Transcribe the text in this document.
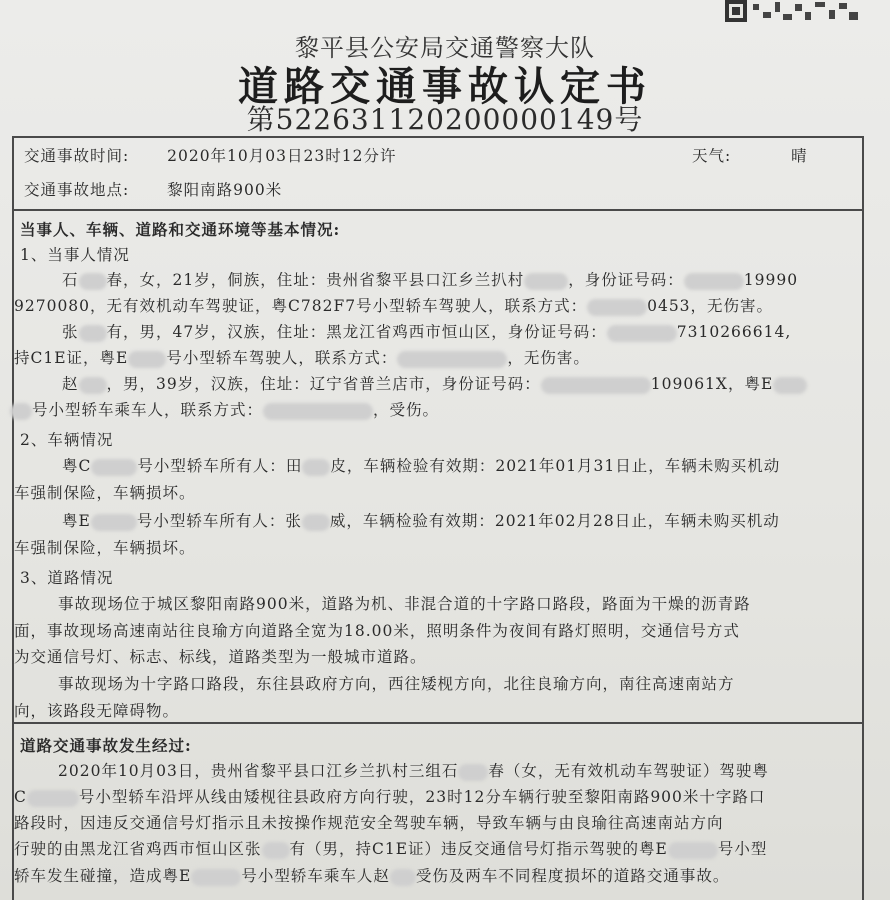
黎平县公安局交通警察大队
道路交通事故认定书
第522631120200000149号
交通事故时间: 2020年10月03日23时12分许	天气:	晴
交通事故地点: 黎阳南路900米
当事人、车辆、道路和交通环境等基本情况:
1、当事人情况
石 春，女，21岁，侗族，住址：贵州省黎平县口江乡兰扒村	，身份证号码：	19990
9270080，无有效机动车驾驶证，粤C782F7号小型轿车驾驶人，联系方式：	0453，无伤害。
张 有，男，47岁，汉族，住址：黑龙江省鸡西市恒山区，身份证号码：	7310266614,
持C1E证，粤E 号小型轿车驾驶人，联系方式：	，无伤害。
赵 ，男，39岁，汉族，住址：辽宁省普兰店市，身份证号码：	109061X，粤E
号小型轿车乘车人，联系方式：	，受伤。
2、车辆情况
粤C	号小型轿车所有人：田 皮，车辆检验有效期：2021年01月31日止，车辆未购买机动
车强制保险，车辆损坏。
粤E	号小型轿车所有人：张 威，车辆检验有效期：2021年02月28日止，车辆未购买机动
车强制保险，车辆损坏。
3、道路情况
事故现场位于城区黎阳南路900米，道路为机、非混合道的十字路口路段，路面为干燥的沥青路
面，事故现场高速南站往良瑜方向道路全宽为18.00米，照明条件为夜间有路灯照明，交通信号方式
为交通信号灯、标志、标线，道路类型为一般城市道路。
事故现场为十字路口路段，东往县政府方向，西往矮枧方向，北往良瑜方向，南往高速南站方
向，该路段无障碍物。
道路交通事故发生经过:
2020年10月03日，贵州省黎平县口江乡兰扒村三组石 春（女，无有效机动车驾驶证）驾驶粤
C	号小型轿车沿坪从线由矮枧往县政府方向行驶，23时12分车辆行驶至黎阳南路900米十字路口
路段时，因违反交通信号灯指示且未按操作规范安全驾驶车辆，导致车辆与由良瑜往高速南站方向
行驶的由黑龙江省鸡西市恒山区张 有（男，持C1E证）违反交通信号灯指示驾驶的粤E	号小型
轿车发生碰撞，造成粤E	号小型轿车乘车人赵 受伤及两车不同程度损坏的道路交通事故。
